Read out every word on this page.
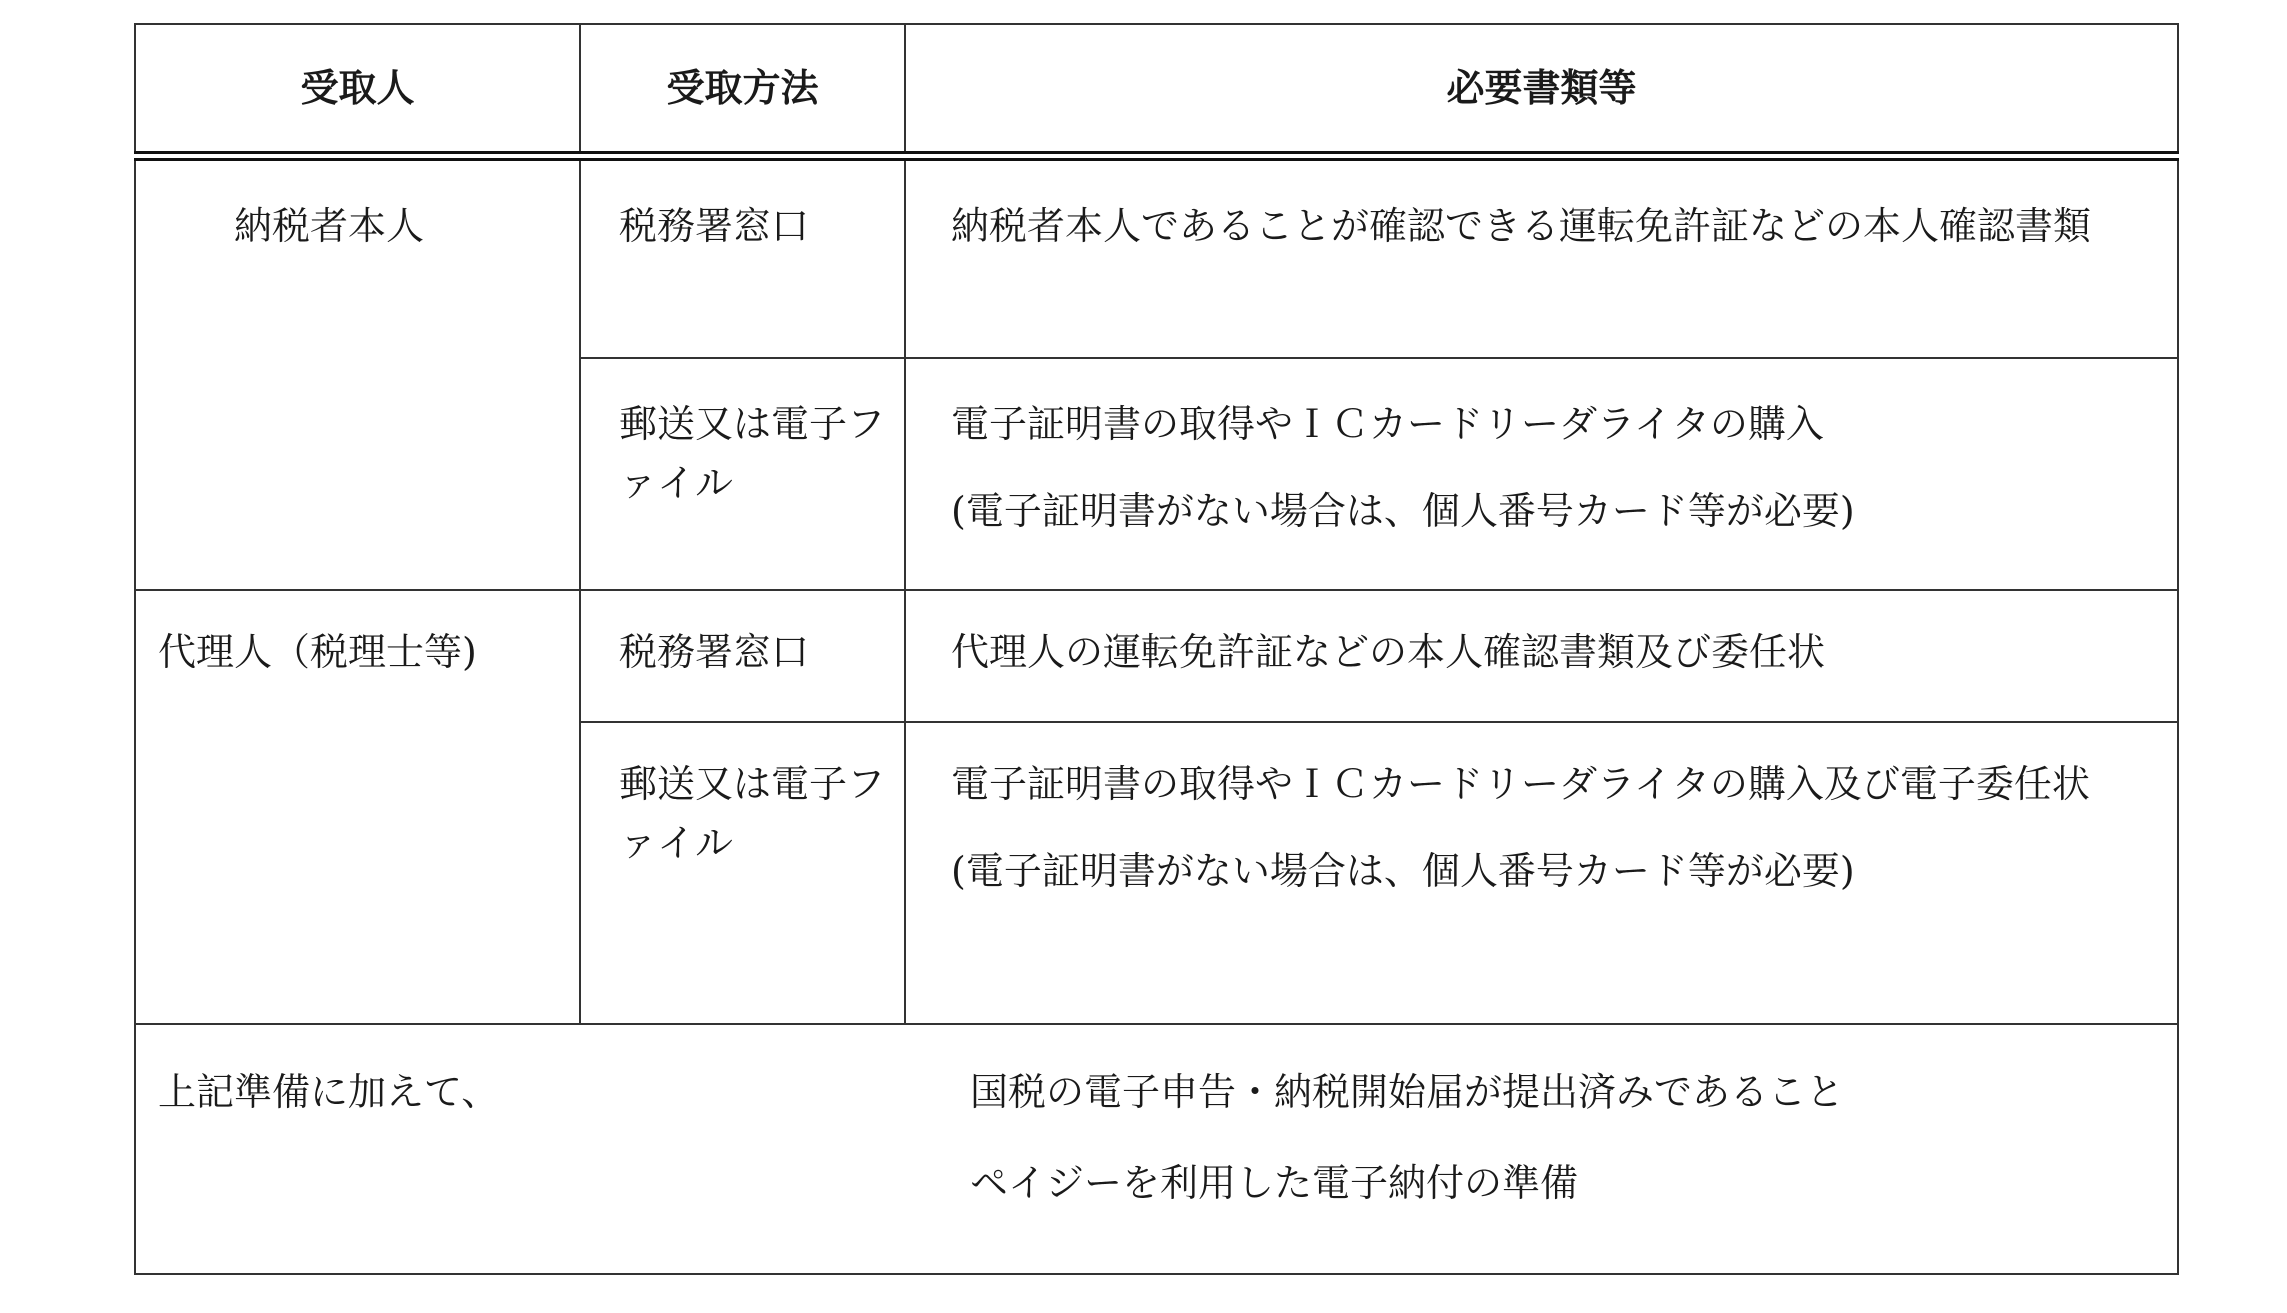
受取人	受取方法	必要書類等

納税者本人	税務署窓口	納税者本人であることが確認できる運転免許証などの本人確認書類
	郵送又は電子ファイル	電子証明書の取得やＩＣカードリーダライタの購入
(電子証明書がない場合は、個人番号カード等が必要)

代理人（税理士等)	税務署窓口	代理人の運転免許証などの本人確認書類及び委任状
	郵送又は電子ファイル	電子証明書の取得やＩＣカードリーダライタの購入及び電子委任状
(電子証明書がない場合は、個人番号カード等が必要)

上記準備に加えて、 国税の電子申告・納税開始届が提出済みであること
ペイジーを利用した電子納付の準備		
